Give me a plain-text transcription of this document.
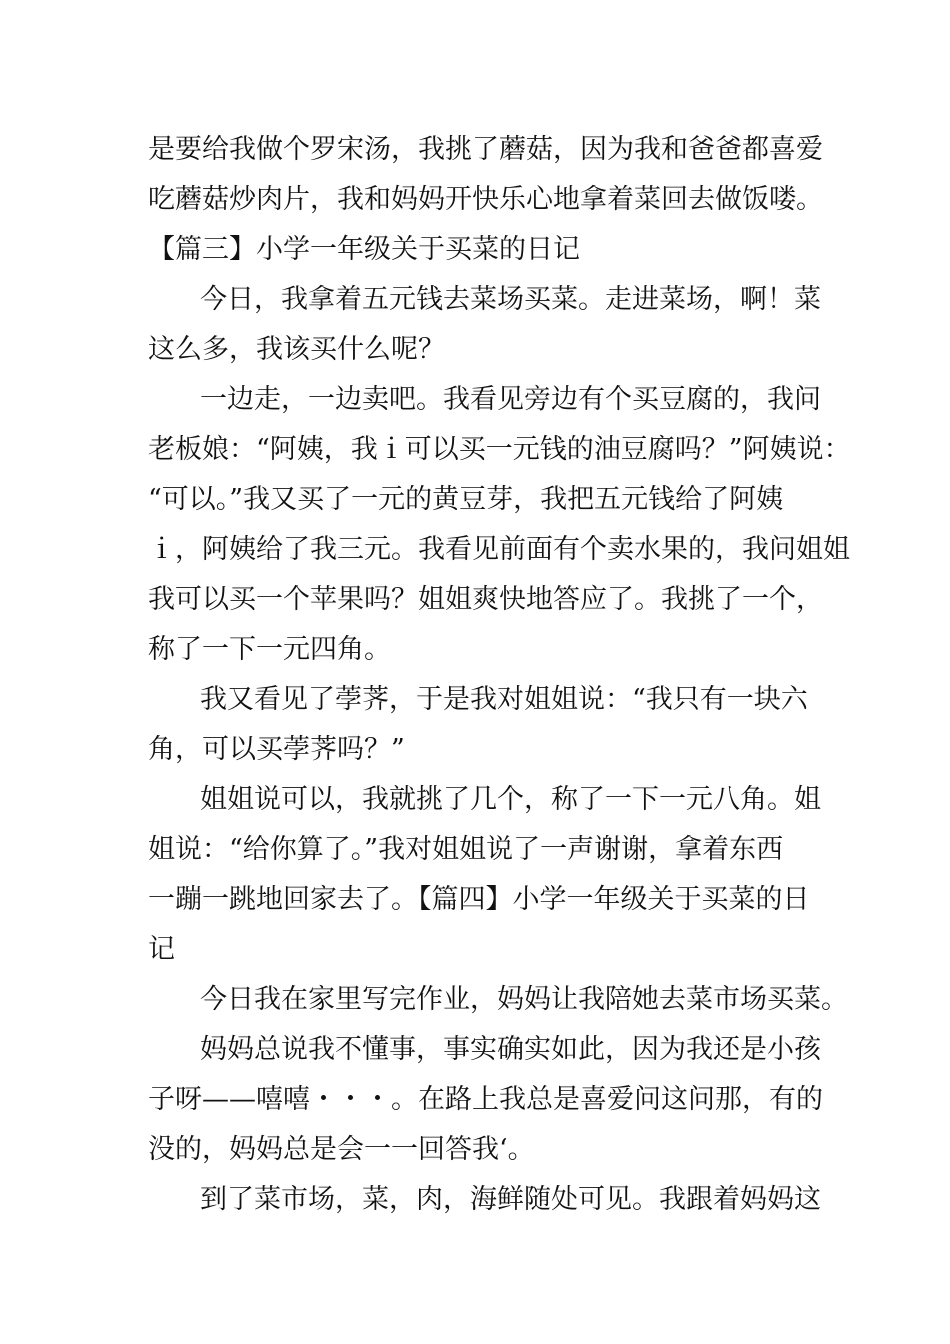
是要给我做个罗宋汤，我挑了蘑菇，因为我和爸爸都喜爱
吃蘑菇炒肉片，我和妈妈开快乐心地拿着菜回去做饭喽。
【篇三】小学一年级关于买菜的日记
今日，我拿着五元钱去菜场买菜。走进菜场，啊！菜
这么多，我该买什么呢？
一边走，一边卖吧。我看见旁边有个买豆腐的，我问
老板娘：“阿姨，我ｉ可以买一元钱的油豆腐吗？”阿姨说：
“可以。”我又买了一元的黄豆芽，我把五元钱给了阿姨
ｉ，阿姨给了我三元。我看见前面有个卖水果的，我问姐姐
我可以买一个苹果吗？姐姐爽快地答应了。我挑了一个，
称了一下一元四角。
我又看见了荸荠，于是我对姐姐说：“我只有一块六
角，可以买荸荠吗？”
姐姐说可以，我就挑了几个，称了一下一元八角。姐
姐说：“给你算了。”我对姐姐说了一声谢谢，拿着东西
一蹦一跳地回家去了。【篇四】小学一年级关于买菜的日
记
今日我在家里写完作业，妈妈让我陪她去菜市场买菜。
妈妈总说我不懂事，事实确实如此，因为我还是小孩
子呀——嘻嘻・・・。在路上我总是喜爱问这问那，有的
没的，妈妈总是会一一回答我‘。
到了菜市场，菜，肉，海鲜随处可见。我跟着妈妈这
